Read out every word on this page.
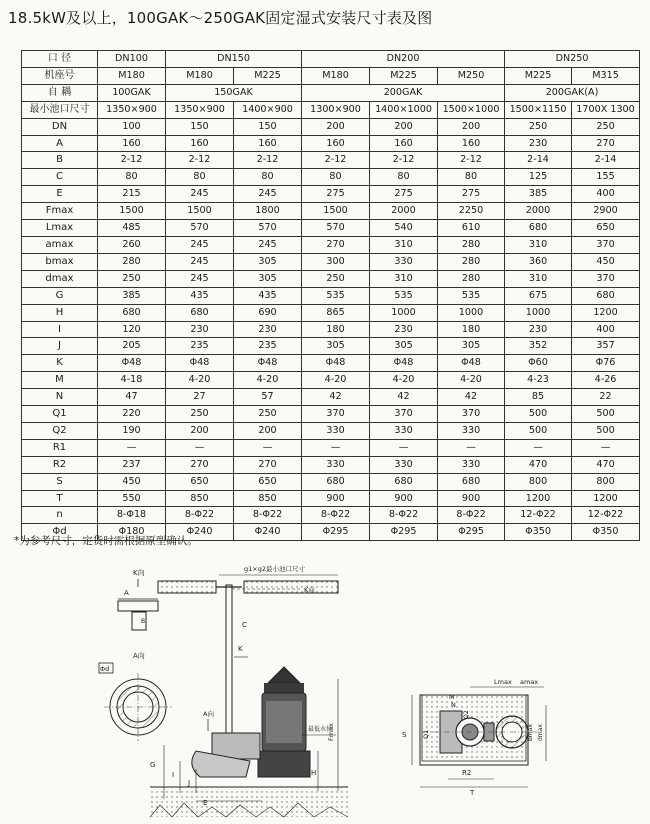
18.5kW及以上，100GAK～250GAK固定湿式安装尺寸表及图
口 径	DN100	DN150		DN200			DN250	
机座号	M180	M180	M225	M180	M225	M250	M225	M315
自 耦	100GAK	150GAK		200GAK			200GAK(A)	
最小池口尺寸	1350×900	1350×900	1400×900	1300×900	1400×1000	1500×1000	1500×1150	1700X 1300
DN	100	150	150	200	200	200	250	250
A	160	160	160	160	160	160	230	270
B	2-12	2-12	2-12	2-12	2-12	2-12	2-14	2-14
C	80	80	80	80	80	80	125	155
E	215	245	245	275	275	275	385	400
Fmax	1500	1500	1800	1500	2000	2250	2000	2900
Lmax	485	570	570	570	540	610	680	650
amax	260	245	245	270	310	280	310	370
bmax	280	245	305	300	330	280	360	450
dmax	250	245	305	250	310	280	310	370
G	385	435	435	535	535	535	675	680
H	680	680	690	865	1000	1000	1000	1200
I	120	230	230	180	230	180	230	400
J	205	235	235	305	305	305	352	357
K	Φ48	Φ48	Φ48	Φ48	Φ48	Φ48	Φ60	Φ76
M	4-18	4-20	4-20	4-20	4-20	4-20	4-23	4-26
N	47	27	57	42	42	42	85	22
Q1	220	250	250	370	370	370	500	500
Q2	190	200	200	330	330	330	500	500
R1	—	—	—	—	—	—	—	—
R2	237	270	270	330	330	330	470	470
S	450	650	650	680	680	680	800	800
T	550	850	850	900	900	900	1200	1200
n	8-Φ18	8-Φ22	8-Φ22	8-Φ22	8-Φ22	8-Φ22	12-Φ22	12-Φ22
Φd	Φ180	Φ240	Φ240	Φ295	Φ295	Φ295	Φ350	Φ350
*为参考尺寸，定货时需根据原型确认。
K向
A
B
Φd
A向
g1×g2最小池口尺寸
K向
C
K
A向
最低水位
G
I
J
Fmax
H
S Q1
Q2
M
N
Lmax amax
bmax dmax
R2
T
